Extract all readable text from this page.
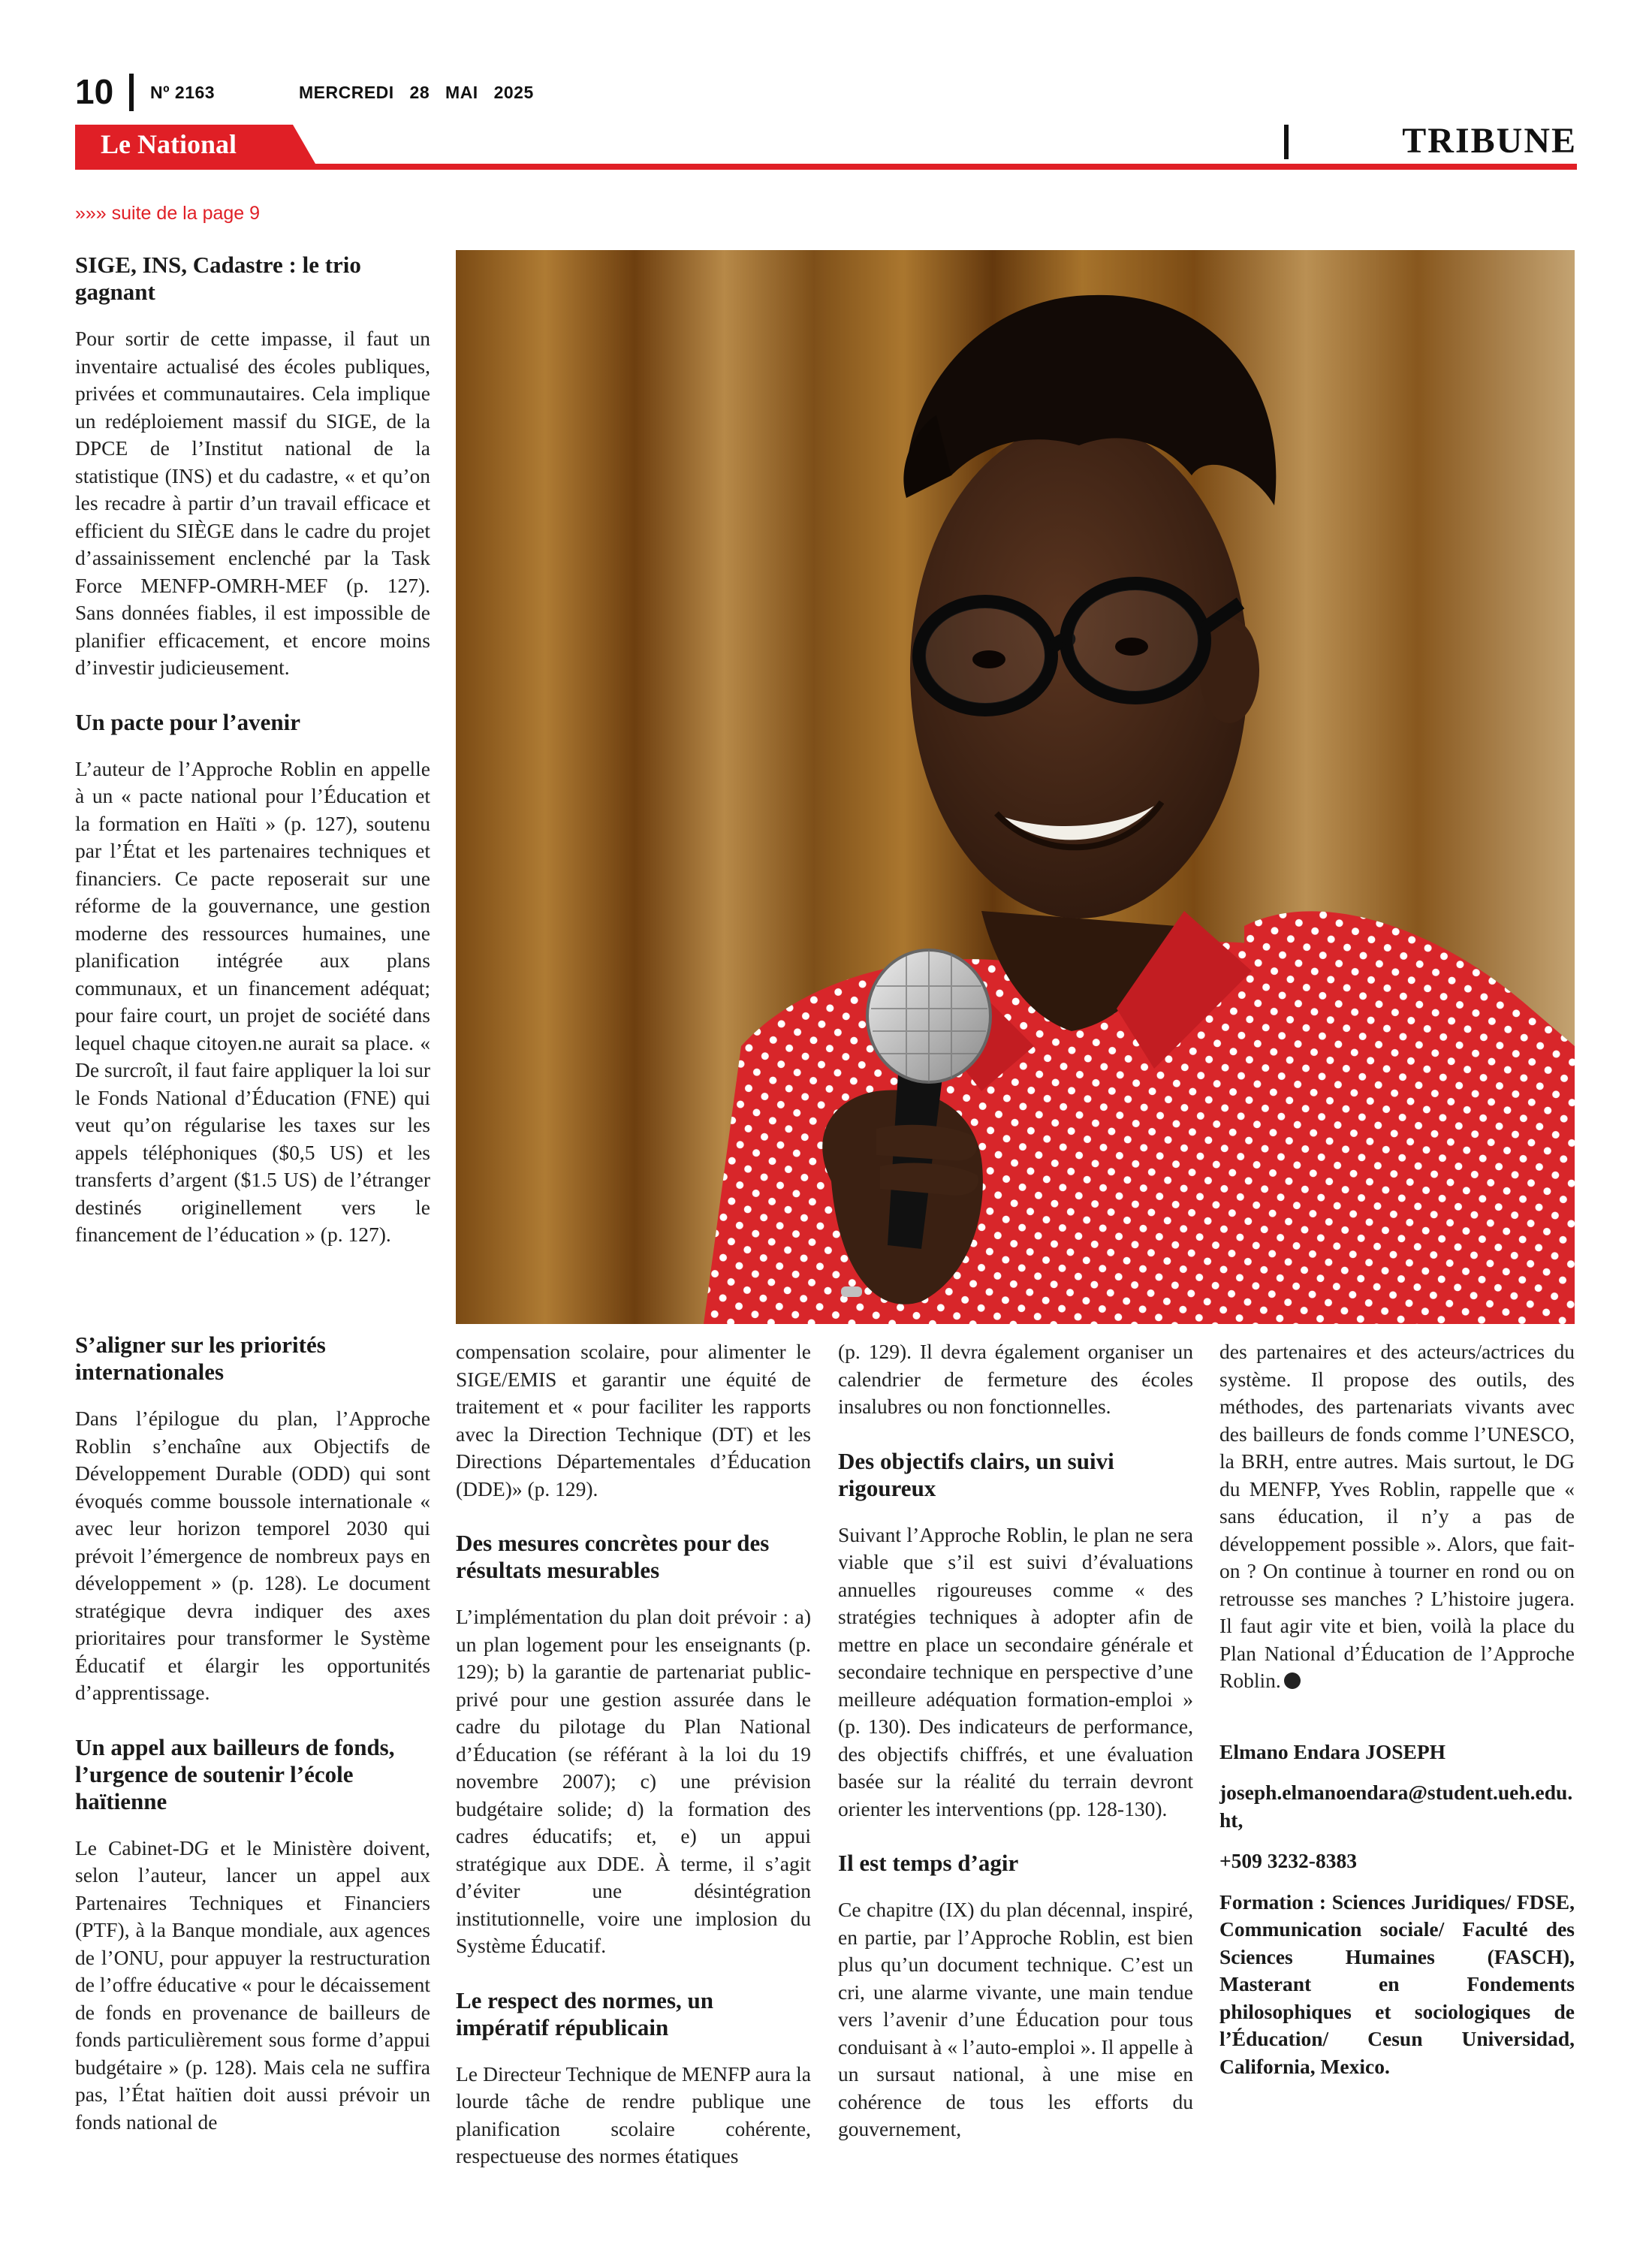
10 Nº 2163	MERCREDI 28 MAI 2025
Le National	TRIBUNE
»»» suite de la page 9
SIGE, INS, Cadastre : le trio gagnant

Pour sortir de cette impasse, il faut un inventaire actualisé des écoles publiques, privées et communautaires. Cela implique un redéploiement massif du SIGE, de la DPCE de l’Institut national de la statistique (INS) et du cadastre, « et qu’on les recadre à partir d’un travail efficace et efficient du SIÈGE dans le cadre du projet d’assainissement enclenché par la Task Force MENFP-OMRH-MEF (p. 127). Sans données fiables, il est impossible de planifier efficacement, et encore moins d’investir judicieusement.

Un pacte pour l’avenir

L’auteur de l’Approche Roblin en appelle à un « pacte national pour l’Éducation et la formation en Haïti » (p. 127), soutenu par l’État et les partenaires techniques et financiers. Ce pacte reposerait sur une réforme de la gouvernance, une gestion moderne des ressources humaines, une planification intégrée aux plans communaux, et un financement adéquat; pour faire court, un projet de société dans lequel chaque citoyen.ne aurait sa place. « De surcroît, il faut faire appliquer la loi sur le Fonds National d’Éducation (FNE) qui veut qu’on régularise les taxes sur les appels téléphoniques ($0,5 US) et les transferts d’argent ($1.5 US) de l’étranger destinés originellement vers le financement de l’éducation » (p. 127).

S’aligner sur les priorités internationales

Dans l’épilogue du plan, l’Approche Roblin s’enchaîne aux Objectifs de Développement Durable (ODD) qui sont évoqués comme boussole internationale « avec leur horizon temporel 2030 qui prévoit l’émergence de nombreux pays en développement » (p. 128). Le document stratégique devra indiquer des axes prioritaires pour transformer le Système Éducatif et élargir les opportunités d’apprentissage.

Un appel aux bailleurs de fonds, l’urgence de soutenir l’école haïtienne

Le Cabinet-DG et le Ministère doivent, selon l’auteur, lancer un appel aux Partenaires Techniques et Financiers (PTF), à la Banque mondiale, aux agences de l’ONU, pour appuyer la restructuration de l’offre éducative « pour le décaissement de fonds en provenance de bailleurs de fonds particulièrement sous forme d’appui budgétaire » (p. 128). Mais cela ne suffira pas, l’État haïtien doit aussi prévoir un fonds national de

compensation scolaire, pour alimenter le SIGE/EMIS et garantir une équité de traitement et « pour faciliter les rapports avec la Direction Technique (DT) et les Directions Départementales d’Éducation (DDE)» (p. 129).

Des mesures concrètes pour des résultats mesurables

L’implémentation du plan doit prévoir : a) un plan logement pour les enseignants (p. 129); b) la garantie de partenariat public-privé pour une gestion assurée dans le cadre du pilotage du Plan National d’Éducation (se référant à la loi du 19 novembre 2007); c) une prévision budgétaire solide; d) la formation des cadres éducatifs; et, e) un appui stratégique aux DDE. À terme, il s’agit d’éviter une désintégration institutionnelle, voire une implosion du Système Éducatif.

Le respect des normes, un impératif républicain

Le Directeur Technique de MENFP aura la lourde tâche de rendre publique une planification scolaire cohérente, respectueuse des normes étatiques

(p. 129). Il devra également organiser un calendrier de fermeture des écoles insalubres ou non fonctionnelles.

Des objectifs clairs, un suivi rigoureux

Suivant l’Approche Roblin, le plan ne sera viable que s’il est suivi d’évaluations annuelles rigoureuses comme « des stratégies techniques à adopter afin de mettre en place un secondaire générale et secondaire technique en perspective d’une meilleure adéquation formation-emploi » (p. 130). Des indicateurs de performance, des objectifs chiffrés, et une évaluation basée sur la réalité du terrain devront orienter les interventions (pp. 128-130).

Il est temps d’agir

Ce chapitre (IX) du plan décennal, inspiré, en partie, par l’Approche Roblin, est bien plus qu’un document technique. C’est un cri, une alarme vivante, une main tendue vers l’avenir d’une Éducation pour tous conduisant à « l’auto-emploi ». Il appelle à un sursaut national, à une mise en cohérence de tous les efforts du gouvernement,

des partenaires et des acteurs/actrices du système. Il propose des outils, des méthodes, des partenariats vivants avec des bailleurs de fonds comme l’UNESCO, la BRH, entre autres. Mais surtout, le DG du MENFP, Yves Roblin, rappelle que « sans éducation, il n’y a pas de développement possible ». Alors, que fait-on ? On continue à tourner en rond ou on retrousse ses manches ? L’histoire jugera. Il faut agir vite et bien, voilà la place du Plan National d’Éducation de l’Approche Roblin.

Elmano Endara JOSEPH

joseph.elmanoendara@student.ueh.edu.ht,

+509 3232-8383

Formation : Sciences Juridiques/ FDSE, Communication sociale/ Faculté des Sciences Humaines (FASCH), Masterant en Fondements philosophiques et sociologiques de l’Éducation/ Cesun Universidad, California, Mexico.
